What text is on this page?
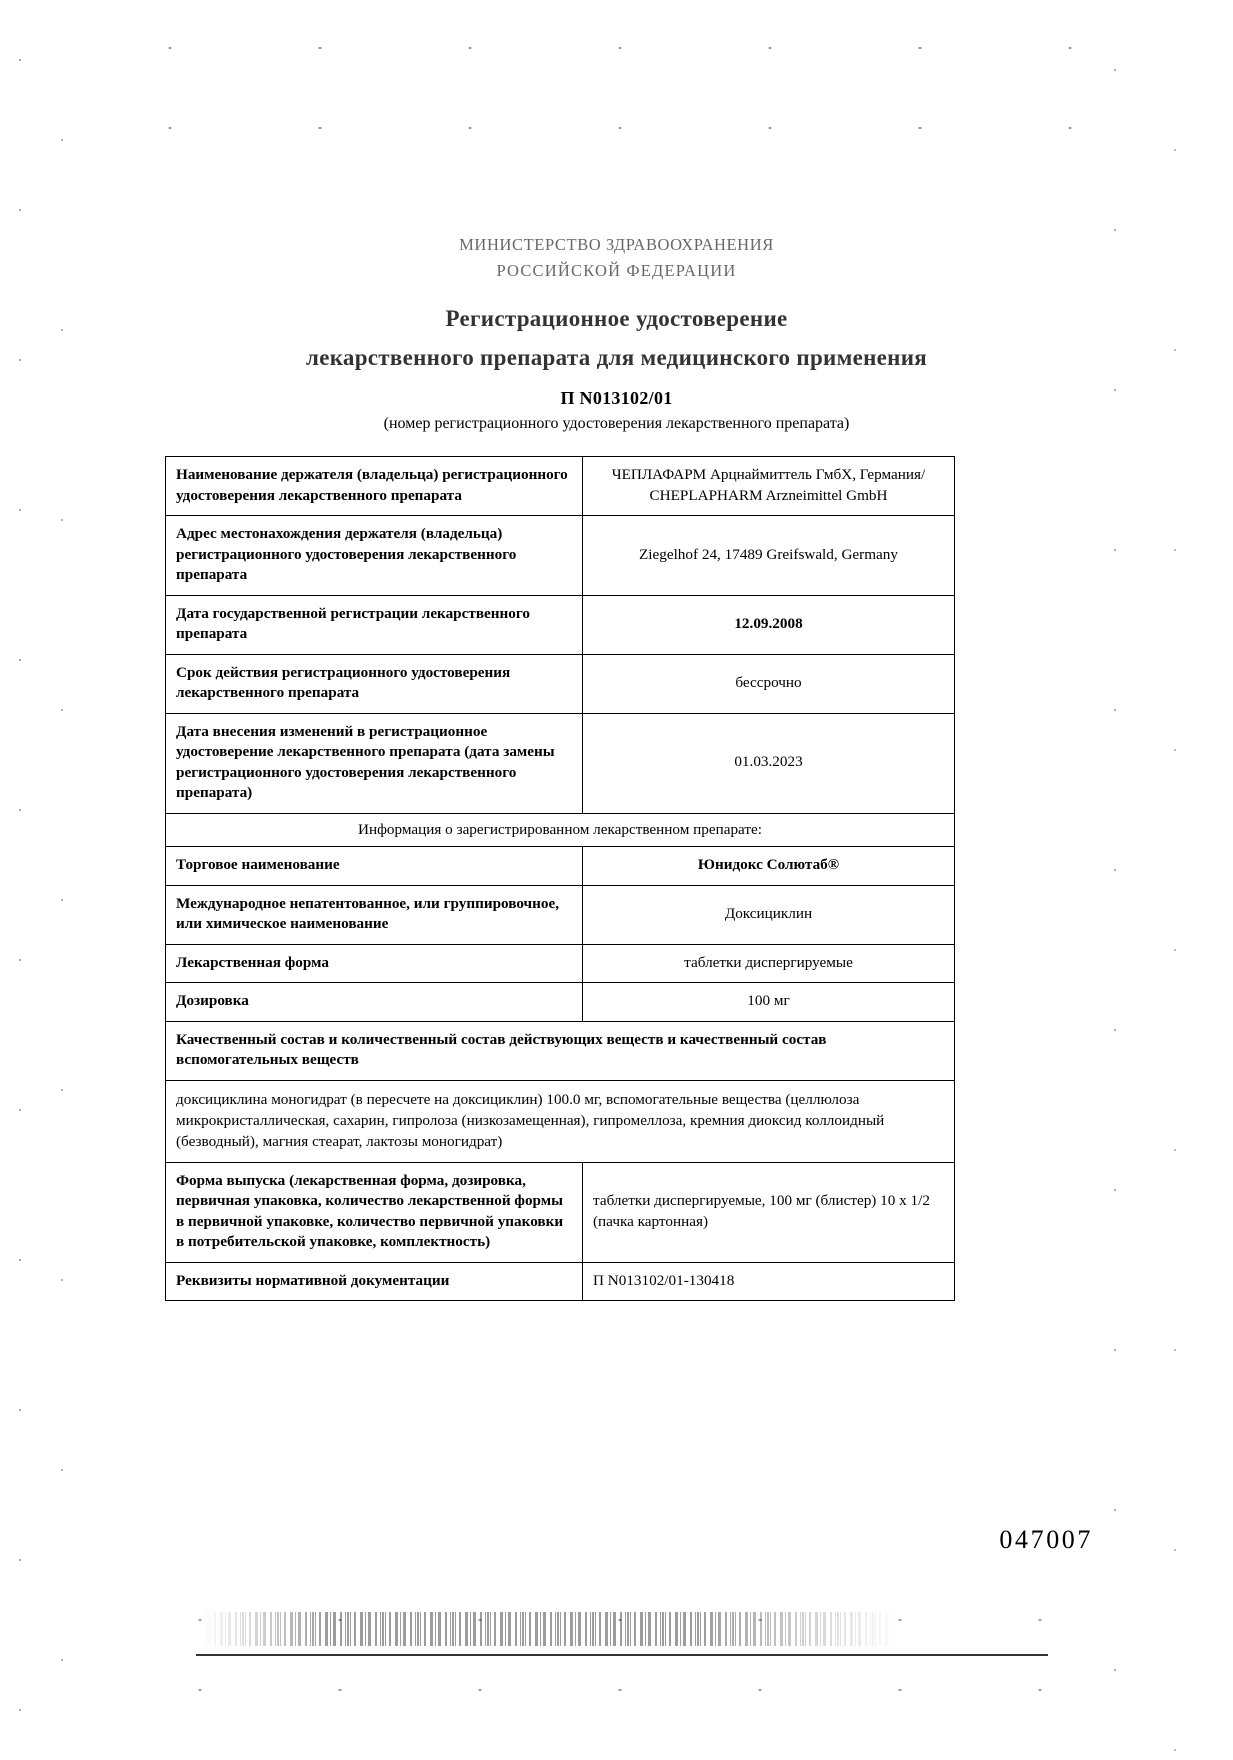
МИНИСТЕРСТВО ЗДРАВООХРАНЕНИЯ
РОССИЙСКОЙ ФЕДЕРАЦИИ
Регистрационное удостоверение
лекарственного препарата для медицинского применения
П N013102/01
(номер регистрационного удостоверения лекарственного препарата)
Наименование держателя (владельца) регистрационного удостоверения лекарственного препарата	ЧЕПЛАФАРМ Арцнаймиттель ГмбХ, Германия/ CHEPLAPHARM Arzneimittel GmbH
Адрес местонахождения держателя (владельца) регистрационного удостоверения лекарственного препарата	Ziegelhof 24, 17489 Greifswald, Germany
Дата государственной регистрации лекарственного препарата	12.09.2008
Срок действия регистрационного удостоверения лекарственного препарата	бессрочно
Дата внесения изменений в регистрационное удостоверение лекарственного препарата (дата замены регистрационного удостоверения лекарственного препарата)	01.03.2023
Информация о зарегистрированном лекарственном препарате:	
Торговое наименование	Юнидокс Солютаб®
Международное непатентованное, или группировочное, или химическое наименование	Доксициклин
Лекарственная форма	таблетки диспергируемые
Дозировка	100 мг
Качественный состав и количественный состав действующих веществ и качественный состав вспомогательных веществ	
доксициклина моногидрат (в пересчете на доксициклин) 100.0 мг, вспомогательные вещества (целлюлоза микрокристаллическая, сахарин, гипролоза (низкозамещенная), гипромеллоза, кремния диоксид коллоидный (безводный), магния стеарат, лактозы моногидрат)	
Форма выпуска (лекарственная форма, дозировка, первичная упаковка, количество лекарственной формы в первичной упаковке, количество первичной упаковки в потребительской упаковке, комплектность)	таблетки диспергируемые, 100 мг (блистер) 10 х 1/2 (пачка картонная)
Реквизиты нормативной документации	П N013102/01-130418
047007
